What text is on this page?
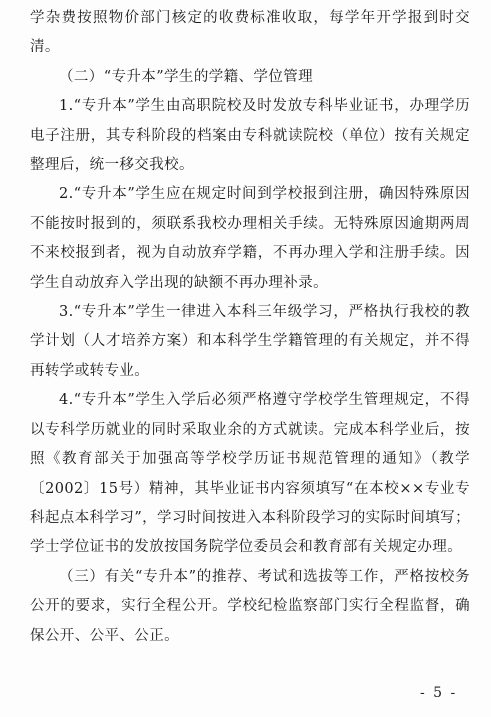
学杂费按照物价部门核定的收费标准收取，每学年开学报到时交清。

（二）“专升本”学生的学籍、学位管理

1.“专升本”学生由高职院校及时发放专科毕业证书，办理学历电子注册，其专科阶段的档案由专科就读院校（单位）按有关规定整理后，统一移交我校。

2.“专升本”学生应在规定时间到学校报到注册，确因特殊原因不能按时报到的，须联系我校办理相关手续。无特殊原因逾期两周不来校报到者，视为自动放弃学籍，不再办理入学和注册手续。因学生自动放弃入学出现的缺额不再办理补录。

3.“专升本”学生一律进入本科三年级学习，严格执行我校的教学计划（人才培养方案）和本科学生学籍管理的有关规定，并不得再转学或转专业。

4.“专升本”学生入学后必须严格遵守学校学生管理规定，不得以专科学历就业的同时采取业余的方式就读。完成本科学业后，按照《教育部关于加强高等学校学历证书规范管理的通知》（教学〔2002〕15号）精神，其毕业证书内容须填写“在本校××专业专科起点本科学习”，学习时间按进入本科阶段学习的实际时间填写；学士学位证书的发放按国务院学位委员会和教育部有关规定办理。

（三）有关“专升本”的推荐、考试和选拔等工作，严格按校务公开的要求，实行全程公开。学校纪检监察部门实行全程监督，确保公开、公平、公正。

- 5 -
